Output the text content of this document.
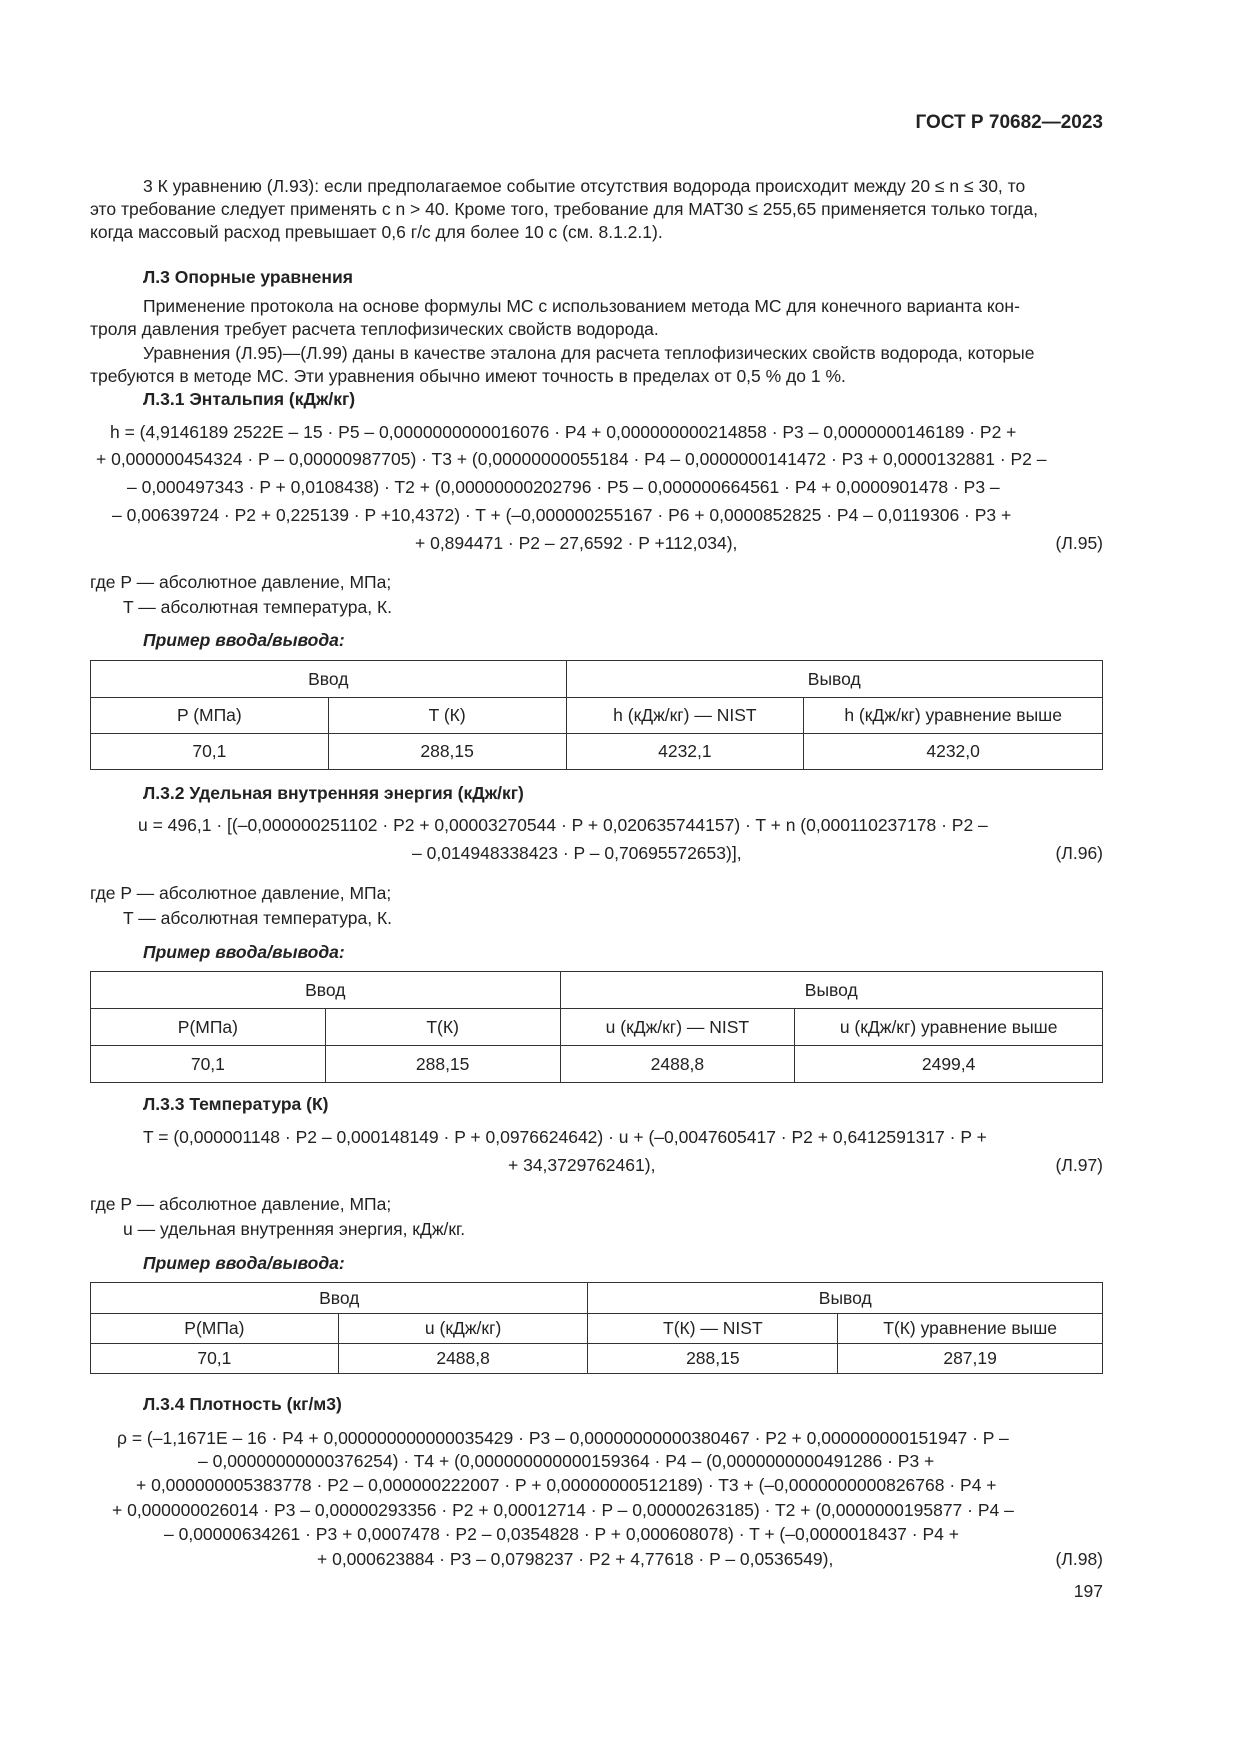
ГОСТ Р 70682—2023
3 К уравнению (Л.93): если предполагаемое событие отсутствия водорода происходит между 20 ≤ n ≤ 30, то
это требование следует применять с n > 40. Кроме того, требование для MAT30 ≤ 255,65 применяется только тогда,
когда массовый расход превышает 0,6 г/с для более 10 с (см. 8.1.2.1).
Л.3 Опорные уравнения
Применение протокола на основе формулы МС с использованием метода МС для конечного варианта кон-
троля давления требует расчета теплофизических свойств водорода.
Уравнения (Л.95)—(Л.99) даны в качестве эталона для расчета теплофизических свойств водорода, которые
требуются в методе МС. Эти уравнения обычно имеют точность в пределах от 0,5 % до 1 %.
Л.3.1 Энтальпия (кДж/кг)
h = (4,9146189 2522E – 15 · P5 – 0,0000000000016076 · P4 + 0,000000000214858 · P3 – 0,0000000146189 · P2 +
+ 0,000000454324 · P – 0,00000987705) · T3 + (0,00000000055184 · P4 – 0,0000000141472 · P3 + 0,0000132881 · P2 –
– 0,000497343 · P + 0,0108438) · T2 + (0,00000000202796 · P5 – 0,000000664561 · P4 + 0,0000901478 · P3 –
– 0,00639724 · P2 + 0,225139 · P +10,4372) · T + (–0,000000255167 · P6 + 0,0000852825 · P4 – 0,0119306 · P3 +
+ 0,894471 · P2 – 27,6592 · P +112,034),	(Л.95)
где P — абсолютное давление, МПа;
T — абсолютная температура, К.
Пример ввода/вывода:
Ввод		Вывод	
P (МПа)	T (К)	h (кДж/кг) — NIST	h (кДж/кг) уравнение выше
70,1	288,15	4232,1	4232,0
Л.3.2 Удельная внутренняя энергия (кДж/кг)
u = 496,1 · [(–0,000000251102 · P2 + 0,00003270544 · P + 0,020635744157) · T + n (0,000110237178 · P2 –
– 0,014948338423 · P – 0,70695572653)],	(Л.96)
где P — абсолютное давление, МПа;
T — абсолютная температура, К.
Пример ввода/вывода:
Ввод		Вывод	
P(МПа)	T(К)	u (кДж/кг) — NIST	u (кДж/кг) уравнение выше
70,1	288,15	2488,8	2499,4
Л.3.3 Температура (К)
T = (0,000001148 · P2 – 0,000148149 · P + 0,0976624642) · u + (–0,0047605417 · P2 + 0,6412591317 · P +
+ 34,3729762461),	(Л.97)
где P — абсолютное давление, МПа;
u — удельная внутренняя энергия, кДж/кг.
Пример ввода/вывода:
Ввод		Вывод	
P(МПа)	u (кДж/кг)	T(К) — NIST	T(К) уравнение выше
70,1	2488,8	288,15	287,19
Л.3.4 Плотность (кг/м3)
ρ = (–1,1671E – 16 · P4 + 0,000000000000035429 · P3 – 0,00000000000380467 · P2 + 0,000000000151947 · P –
– 0,00000000000376254) · T4 + (0,000000000000159364 · P4 – (0,0000000000491286 · P3 +
+ 0,000000005383778 · P2 – 0,000000222007 · P + 0,00000000512189) · T3 + (–0,0000000000826768 · P4 +
+ 0,000000026014 · P3 – 0,00000293356 · P2 + 0,00012714 · P – 0,00000263185) · T2 + (0,0000000195877 · P4 –
– 0,00000634261 · P3 + 0,0007478 · P2 – 0,0354828 · P + 0,000608078) · T + (–0,0000018437 · P4 +
+ 0,000623884 · P3 – 0,0798237 · P2 + 4,77618 · P – 0,0536549),	(Л.98)
197
